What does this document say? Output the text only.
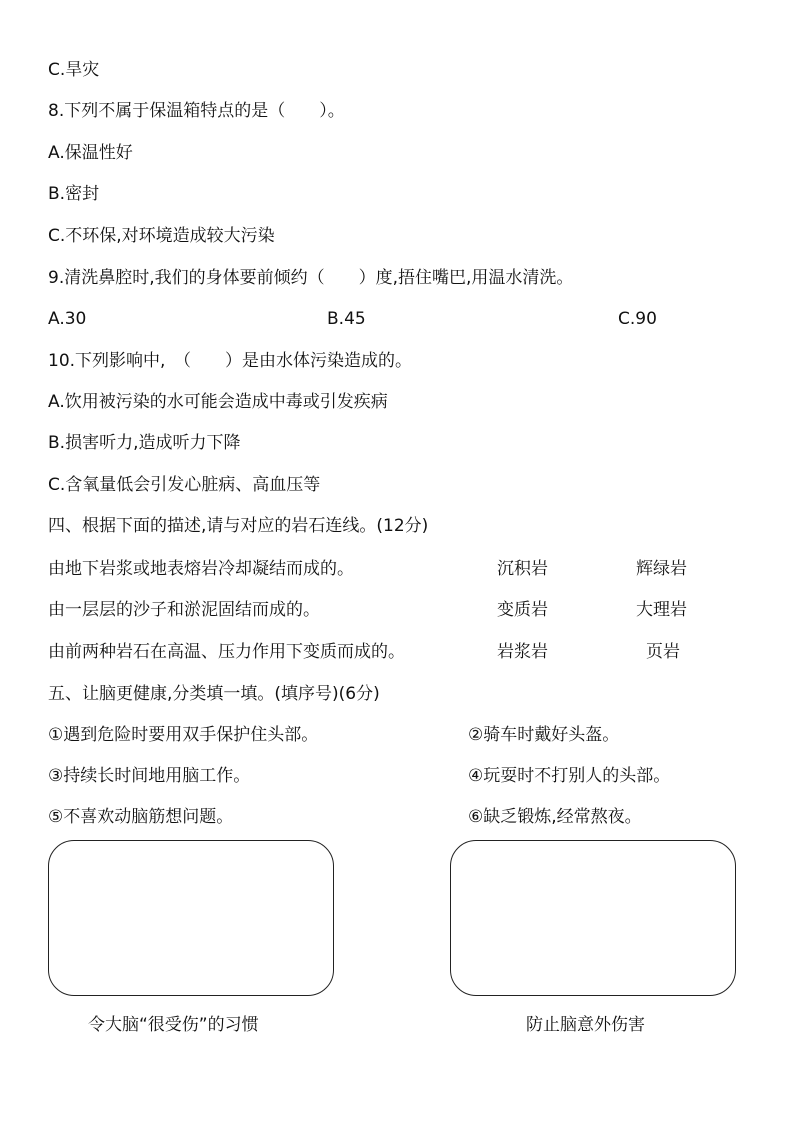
C.旱灾
8.下列不属于保温箱特点的是（　　）。
A.保温性好
B.密封
C.不环保,对环境造成较大污染
9.清洗鼻腔时,我们的身体要前倾约（　　）度,捂住嘴巴,用温水清洗。
A.30	B.45	C.90
10.下列影响中,　（　　）是由水体污染造成的。
A.饮用被污染的水可能会造成中毒或引发疾病
B.损害听力,造成听力下降
C.含氧量低会引发心脏病、高血压等
四、根据下面的描述,请与对应的岩石连线。(12分)
由地下岩浆或地表熔岩冷却凝结而成的。	沉积岩	辉绿岩
由一层层的沙子和淤泥固结而成的。	变质岩	大理岩
由前两种岩石在高温、压力作用下变质而成的。	岩浆岩	页岩
五、让脑更健康,分类填一填。(填序号)(6分)
①遇到危险时要用双手保护住头部。	②骑车时戴好头盔。
③持续长时间地用脑工作。	④玩耍时不打别人的头部。
⑤不喜欢动脑筋想问题。	⑥缺乏锻炼,经常熬夜。
令大脑“很受伤”的习惯	防止脑意外伤害
